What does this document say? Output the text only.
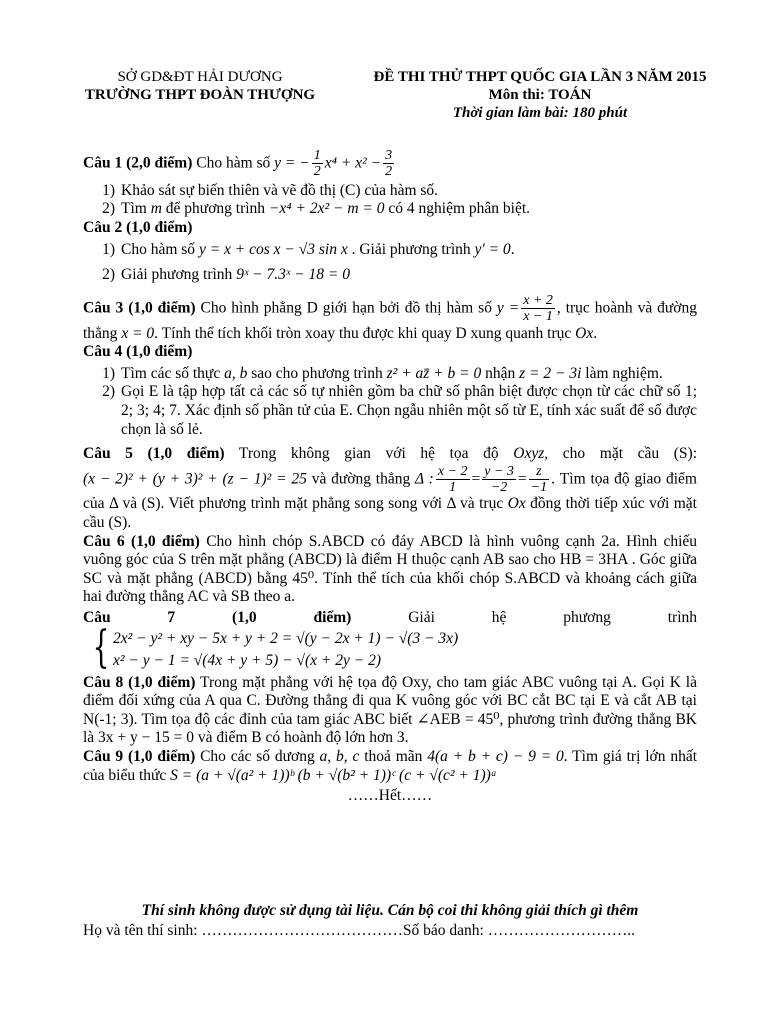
SỞ GD&ĐT HẢI DƯƠNG
TRƯỜNG THPT ĐOÀN THƯỢNG
ĐỀ THI THỬ THPT QUỐC GIA LẦN 3 NĂM 2015
Môn thi: TOÁN
Thời gian làm bài: 180 phút

Câu 1 (2,0 điểm) Cho hàm số y = − $\frac{1}{2} x^4 + x^2 - \frac{3}{2}$

1) Khảo sát sự biến thiên và vẽ đồ thị (C) của hàm số.
2) Tìm m để phương trình −x⁴ + 2x² − m = 0 có 4 nghiệm phân biệt.

Câu 2 (1,0 điểm)

1) Cho hàm số y = x + cos x − √3 sin x . Giải phương trình y' = 0.
2) Giải phương trình 9ˣ − 7.3ˣ − 18 = 0

Câu 3 (1,0 điểm) Cho hình phẳng D giới hạn bởi đồ thị hàm số $y = \frac{x + 2}{x - 1}$ , trục hoành và đường thẳng x = 0. Tính thể tích khối tròn xoay thu được khi quay D xung quanh trục Ox.

Câu 4 (1,0 điểm)

1) Tìm các số thực a, b sao cho phương trình z² + az̄ + b = 0 nhận z = 2 − 3i làm nghiệm.
2) Gọi E là tập hợp tất cả các số tự nhiên gồm ba chữ số phân biệt được chọn từ các chữ số 1; 2; 3; 4; 7. Xác định số phần tử của E. Chọn ngẫu nhiên một số từ E, tính xác suất để số được chọn là số lẻ.

Câu 5 (1,0 điểm) Trong không gian với hệ tọa độ Oxyz, cho mặt cầu (S): (x − 2)² + (y + 3)² + (z − 1)² = 25 và đường thẳng Δ : $\frac{x - 2}{1} = \frac{y - 3}{-2} = \frac{z}{-1}$ . Tìm tọa độ giao điểm của Δ và (S). Viết phương trình mặt phẳng song song với Δ và trục Ox đồng thời tiếp xúc với mặt cầu (S).

Câu 6 (1,0 điểm) Cho hình chóp S.ABCD có đáy ABCD là hình vuông cạnh 2a. Hình chiếu vuông góc của S trên mặt phẳng (ABCD) là điểm H thuộc cạnh AB sao cho HB = 3HA . Góc giữa SC và mặt phẳng (ABCD) bằng 45⁰. Tính thể tích của khối chóp S.ABCD và khoảng cách giữa hai đường thẳng AC và SB theo a.

Câu 7 (1,0 điểm) Giải hệ phương trình
{ 2x² − y² + xy − 5x + y + 2 = √(y − 2x + 1) − √(3 − 3x)
x² − y − 1 = √(4x + y + 5) − √(x + 2y − 2)

Câu 8 (1,0 điểm) Trong mặt phẳng với hệ tọa độ Oxy, cho tam giác ABC vuông tại A. Gọi K là điểm đối xứng của A qua C. Đường thẳng đi qua K vuông góc với BC cắt BC tại E và cắt AB tại N(-1; 3). Tìm tọa độ các đỉnh của tam giác ABC biết ∠AEB = 45⁰, phương trình đường thẳng BK là 3x + y − 15 = 0 và điểm B có hoành độ lớn hơn 3.

Câu 9 (1,0 điểm) Cho các số dương a, b, c thoả mãn 4(a + b + c) − 9 = 0. Tìm giá trị lớn nhất của biểu thức S = (a + √(a² + 1))ᵇ (b + √(b² + 1))ᶜ (c + √(c² + 1))ᵃ

……Hết……
Thí sinh không được sử dụng tài liệu. Cán bộ coi thi không giải thích gì thêm
Họ và tên thí sinh: …………………………………Số báo danh: ………………………..
